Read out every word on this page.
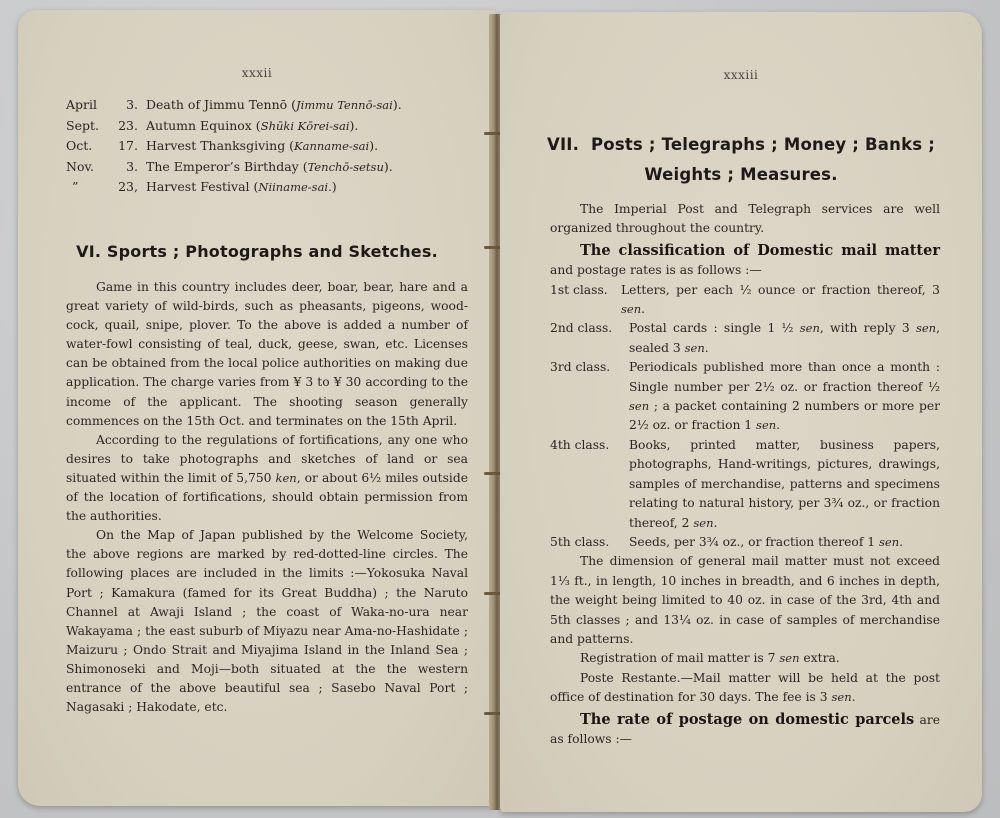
xxxii
April	3. Death of Jimmu Tennō (Jimmu Tennō-sai).
Sept.	23. Autumn Equinox (Shūki Kōrei-sai).
Oct.	17. Harvest Thanksgiving (Kanname-sai).
Nov.	3. The Emperor’s Birthday (Tenchō-setsu).
”	23, Harvest Festival (Niiname-sai.)
VI. Sports ; Photographs and Sketches.

Game in this country includes deer, boar, bear, hare and a great variety of wild-birds, such as pheasants, pigeons, wood-cock, quail, snipe, plover. To the above is added a number of water-fowl consisting of teal, duck, geese, swan, etc. Licenses can be obtained from the local police authorities on making due application. The charge varies from ¥ 3 to ¥ 30 according to the income of the applicant. The shooting season generally commences on the 15th Oct. and terminates on the 15th April.

According to the regulations of fortifications, any one who desires to take photographs and sketches of land or sea situated within the limit of 5,750 ken, or about 6½ miles outside of the location of fortifications, should obtain permission from the authorities.

On the Map of Japan published by the Welcome Society, the above regions are marked by red-dotted-line circles. The following places are included in the limits :—Yokosuka Naval Port ; Kamakura (famed for its Great Buddha) ; the Naruto Channel at Awaji Island ; the coast of Waka-no-ura near Wakayama ; the east suburb of Miyazu near Ama-no-Hashidate ; Maizuru ; Ondo Strait and Miyajima Island in the Inland Sea ; Shimonoseki and Moji—both situated at the the western entrance of the above beautiful sea ; Sasebo Naval Port ; Nagasaki ; Hakodate, etc.

xxxiii
VII.  Posts ; Telegraphs ; Money ; Banks ;
Weights ; Measures.

The Imperial Post and Telegraph services are well organized throughout the country.

The classification of Domestic mail matter and postage rates is as follows :—

1st class.	Letters, per each ½ ounce or fraction thereof, 3 sen.
2nd class.	Postal cards : single 1 ½ sen, with reply 3 sen, sealed 3 sen.
3rd class.	Periodicals published more than once a month : Single number per 2½ oz. or fraction thereof ½ sen ; a packet containing 2 numbers or more per 2½ oz. or fraction 1 sen.
4th class.	Books, printed matter, business papers, photographs, Hand-writings, pictures, drawings, samples of merchandise, patterns and specimens relating to natural history, per 3¾ oz., or fraction thereof, 2 sen.
5th class.	Seeds, per 3¾ oz., or fraction thereof 1 sen.

The dimension of general mail matter must not exceed 1⅓ ft., in length, 10 inches in breadth, and 6 inches in depth, the weight being limited to 40 oz. in case of the 3rd, 4th and 5th classes ; and 13¼ oz. in case of samples of merchandise and patterns.

Registration of mail matter is 7 sen extra.

Poste Restante.—Mail matter will be held at the post office of destination for 30 days. The fee is 3 sen.

The rate of postage on domestic parcels are as follows :—
